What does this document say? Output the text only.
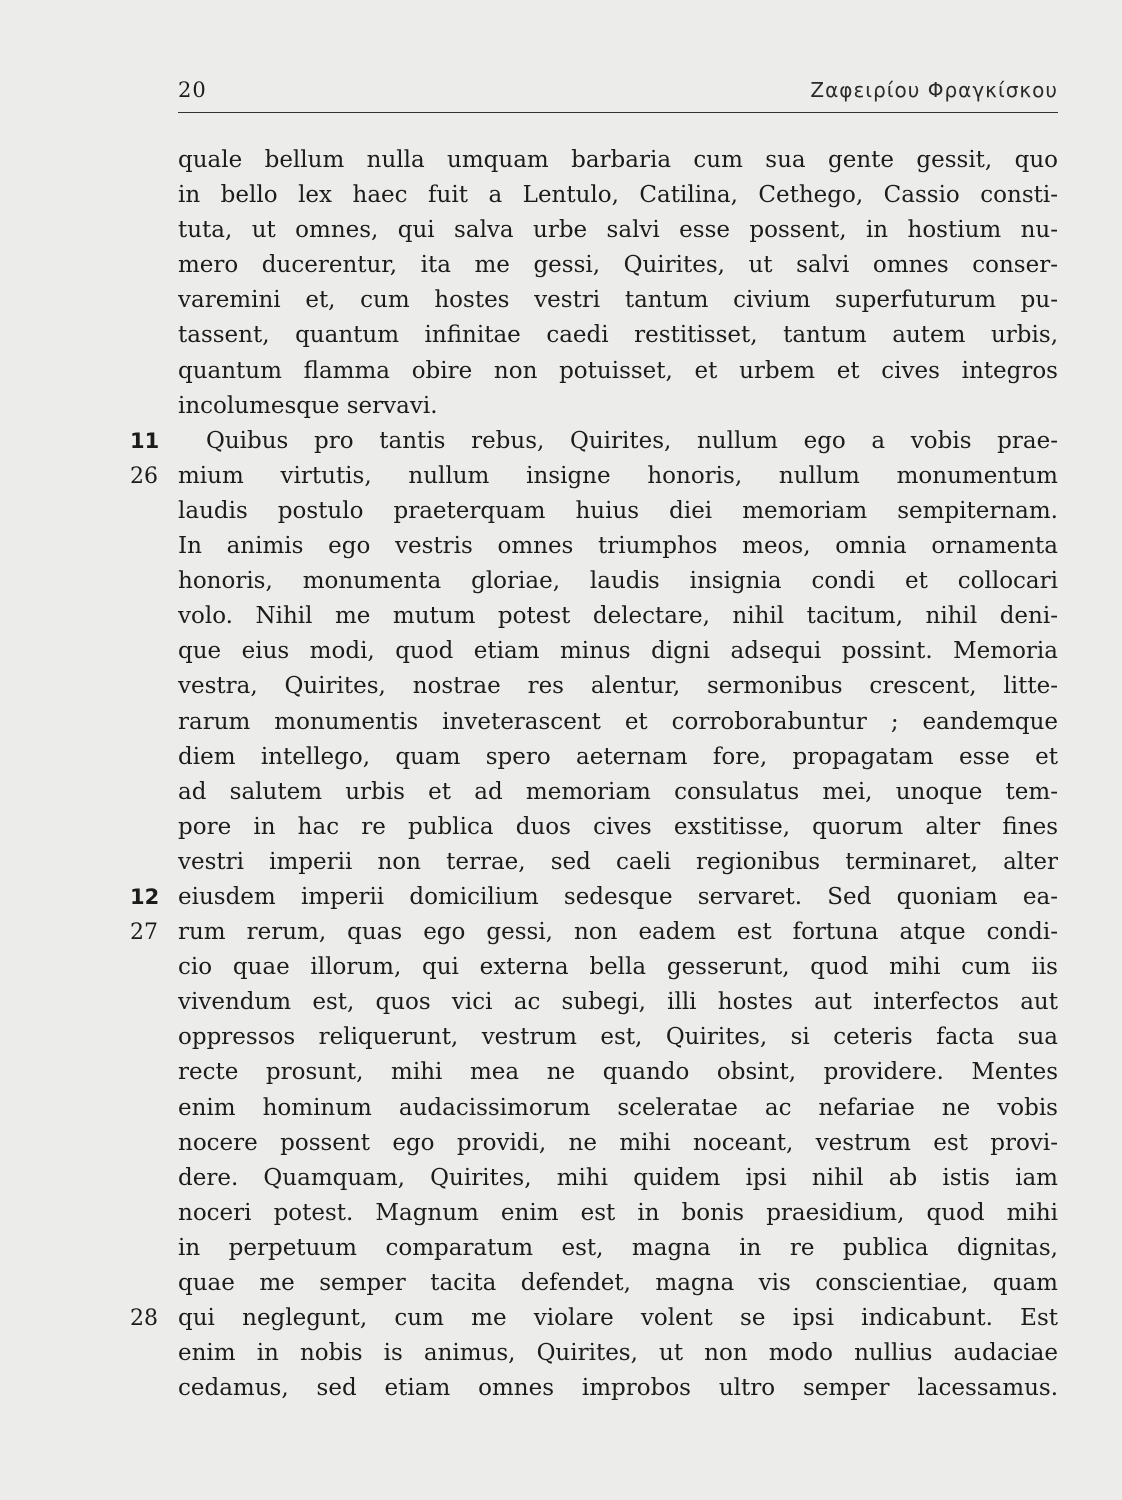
20	Ζαφειρίου Φραγκίσκου
quale bellum nulla umquam barbaria cum sua gente gessit, quo
in bello lex haec fuit a Lentulo, Catilina, Cethego, Cassio consti-
tuta, ut omnes, qui salva urbe salvi esse possent, in hostium nu-
mero ducerentur, ita me gessi, Quirites, ut salvi omnes conser-
varemini et, cum hostes vestri tantum civium superfuturum pu-
tassent, quantum infinitae caedi restitisset, tantum autem urbis,
quantum flamma obire non potuisset, et urbem et cives integros
incolumesque servavi.
11	Quibus pro tantis rebus, Quirites, nullum ego a vobis prae-
26 mium virtutis, nullum insigne honoris, nullum monumentum
laudis postulo praeterquam huius diei memoriam sempiternam.
In animis ego vestris omnes triumphos meos, omnia ornamenta
honoris, monumenta gloriae, laudis insignia condi et collocari
volo. Nihil me mutum potest delectare, nihil tacitum, nihil deni-
que eius modi, quod etiam minus digni adsequi possint. Memoria
vestra, Quirites, nostrae res alentur, sermonibus crescent, litte-
rarum monumentis inveterascent et corroborabuntur ; eandemque
diem intellego, quam spero aeternam fore, propagatam esse et
ad salutem urbis et ad memoriam consulatus mei, unoque tem-
pore in hac re publica duos cives exstitisse, quorum alter fines
vestri imperii non terrae, sed caeli regionibus terminaret, alter
12 eiusdem imperii domicilium sedesque servaret. Sed quoniam ea-
27 rum rerum, quas ego gessi, non eadem est fortuna atque condi-
cio quae illorum, qui externa bella gesserunt, quod mihi cum iis
vivendum est, quos vici ac subegi, illi hostes aut interfectos aut
oppressos reliquerunt, vestrum est, Quirites, si ceteris facta sua
recte prosunt, mihi mea ne quando obsint, providere. Mentes
enim hominum audacissimorum sceleratae ac nefariae ne vobis
nocere possent ego providi, ne mihi noceant, vestrum est provi-
dere. Quamquam, Quirites, mihi quidem ipsi nihil ab istis iam
noceri potest. Magnum enim est in bonis praesidium, quod mihi
in perpetuum comparatum est, magna in re publica dignitas,
quae me semper tacita defendet, magna vis conscientiae, quam
28 qui neglegunt, cum me violare volent se ipsi indicabunt. Est
enim in nobis is animus, Quirites, ut non modo nullius audaciae
cedamus, sed etiam omnes improbos ultro semper lacessamus.
